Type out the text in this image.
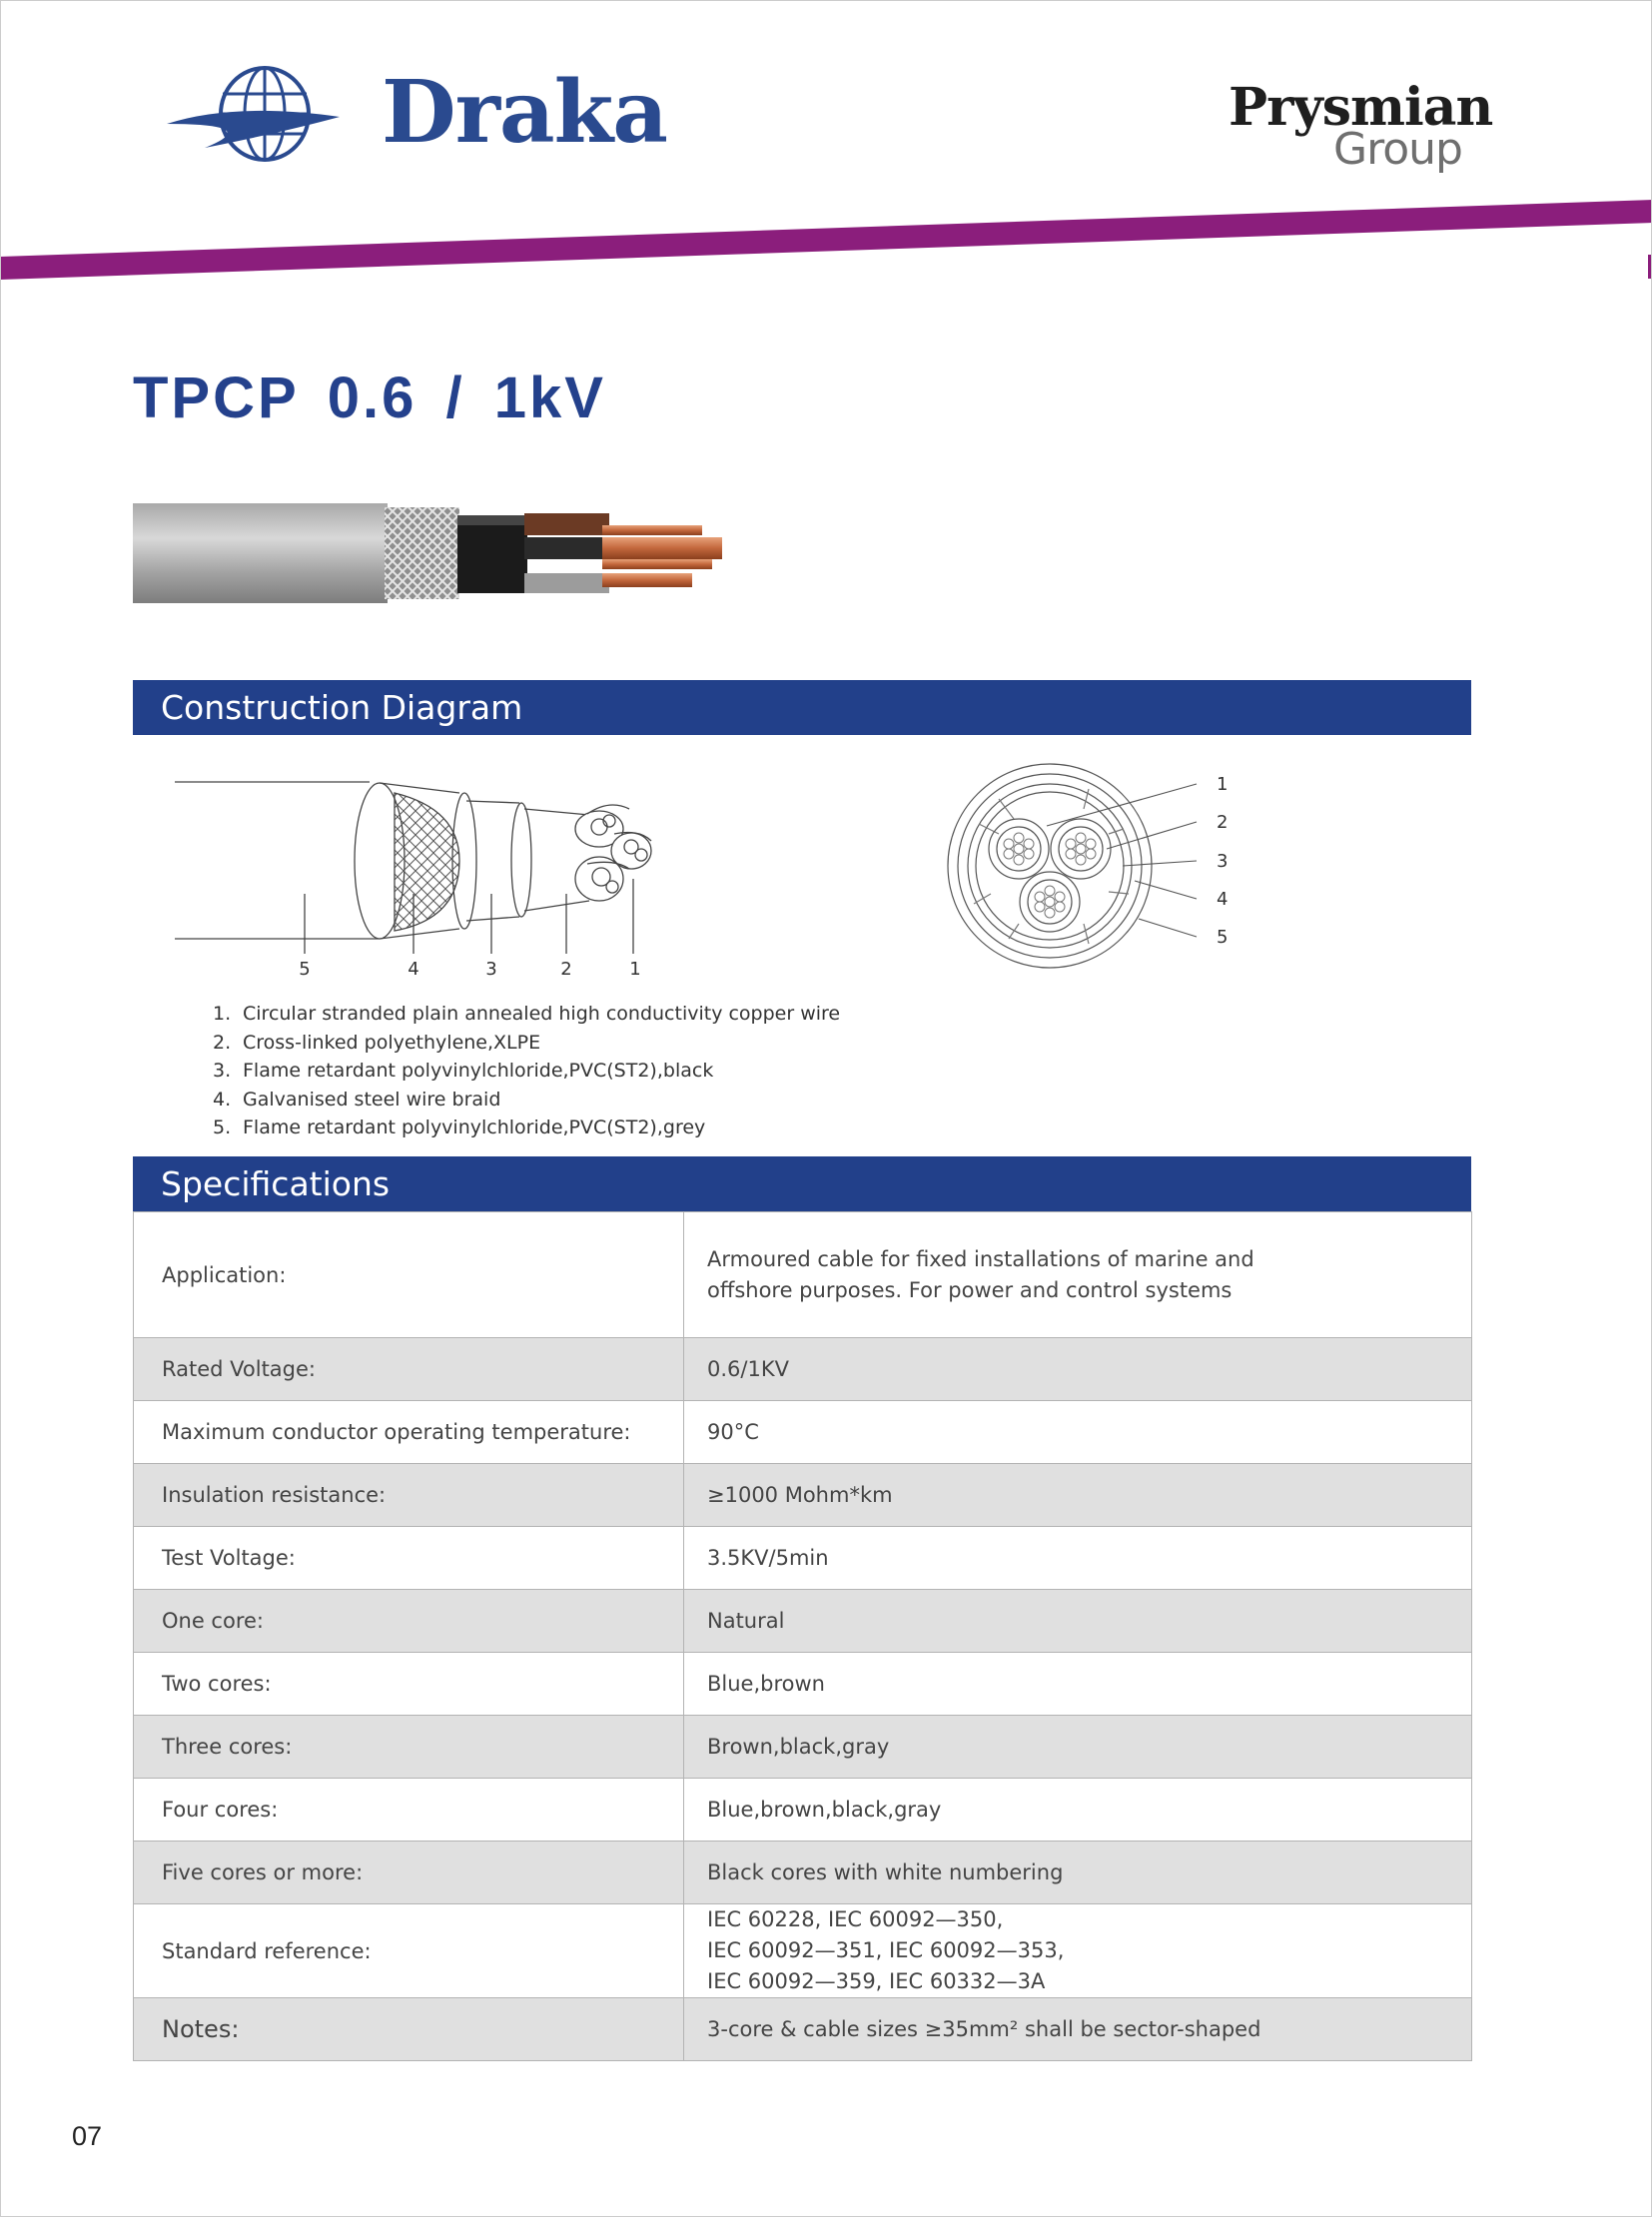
Draka	Prysmian
Group
TPCP 0.6 / 1kV
Construction Diagram
5	4	3	2	1
1
2
3
4
5
1. Circular stranded plain annealed high conductivity copper wire
2. Cross-linked polyethylene,XLPE
3. Flame retardant polyvinylchloride,PVC(ST2),black
4. Galvanised steel wire braid
5. Flame retardant polyvinylchloride,PVC(ST2),grey
Specifications
Application:	Armoured cable for fixed installations of marine and
offshore purposes. For power and control systems
Rated Voltage:	0.6/1KV
Maximum conductor operating temperature:	90°C
Insulation resistance:	≥1000 Mohm*km
Test Voltage:	3.5KV/5min
One core:	Natural
Two cores:	Blue,brown
Three cores:	Brown,black,gray
Four cores:	Blue,brown,black,gray
Five cores or more:	Black cores with white numbering
Standard reference:	IEC 60228, IEC 60092—350,
IEC 60092—351, IEC 60092—353,
IEC 60092—359, IEC 60332—3A
Notes:	3-core & cable sizes ≥35mm² shall be sector-shaped
07
